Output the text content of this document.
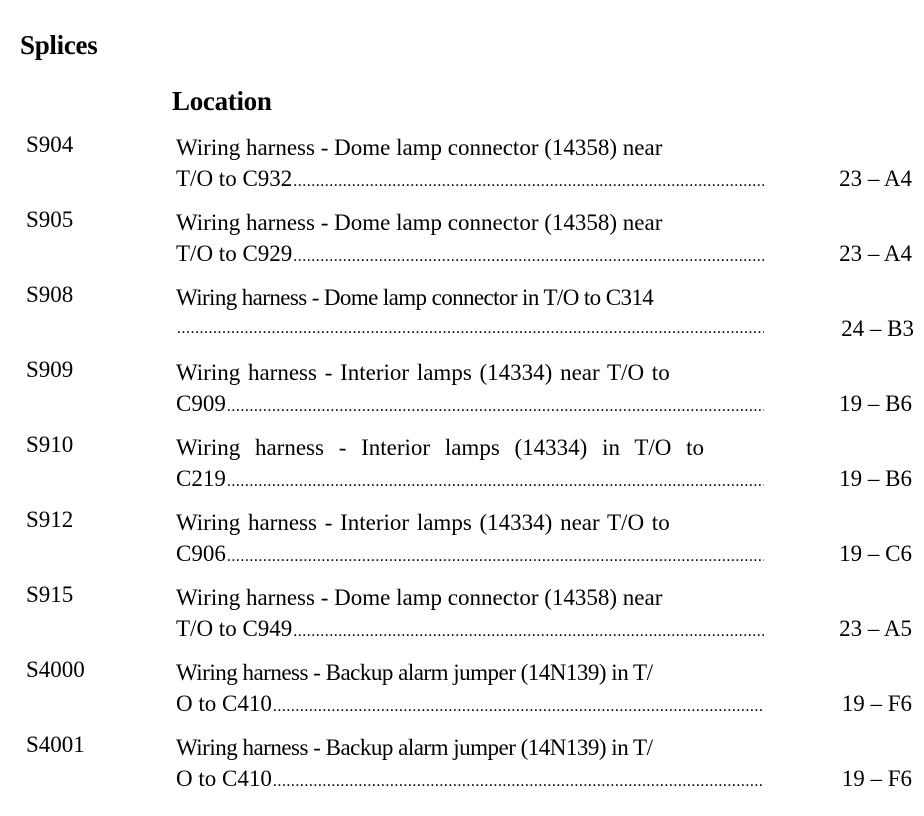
Splices
Location
S904	Wiring harness - Dome lamp connector (14358) near
T/O to C932 .....	23 – A4
S905	Wiring harness - Dome lamp connector (14358) near
T/O to C929 .....	23 – A4
S908	Wiring harness - Dome lamp connector in T/O to C314
.....
24 – B3
S909	Wiring harness - Interior lamps (14334) near T/O to
C909 .....	19 – B6
S910	Wiring harness - Interior lamps (14334) in T/O to
C219 .....	19 – B6
S912	Wiring harness - Interior lamps (14334) near T/O to
C906 .....	19 – C6
S915	Wiring harness - Dome lamp connector (14358) near
T/O to C949 .....	23 – A5
S4000	Wiring harness - Backup alarm jumper (14N139) in T/
O to C410 .....	19 – F6
S4001	Wiring harness - Backup alarm jumper (14N139) in T/
O to C410 .....	19 – F6
